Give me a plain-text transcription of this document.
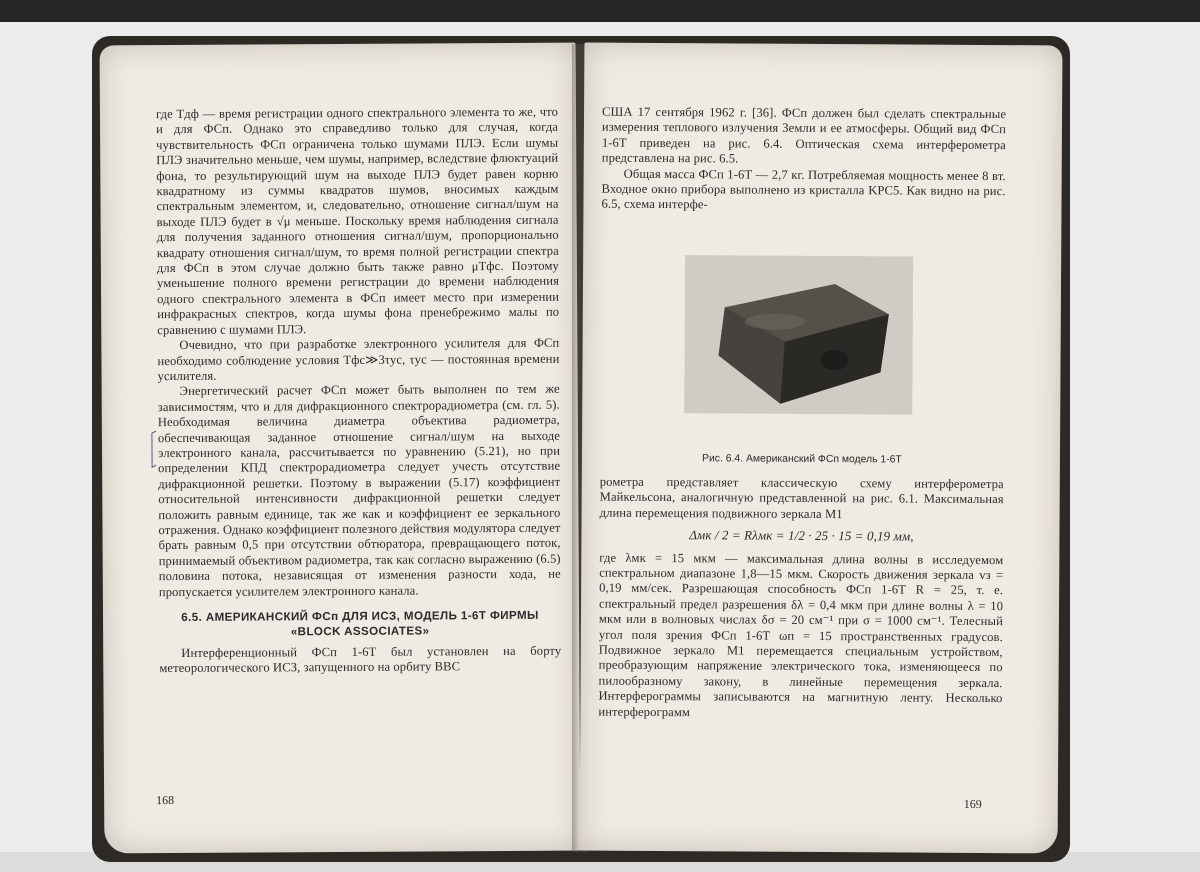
где Tдф — время регистрации одного спектрального элемента то же, что и для ФСп. Однако это справедливо только для случая, когда чувствительность ФСп ограничена только шумами ПЛЭ. Если шумы ПЛЭ значительно меньше, чем шумы, например, вследствие флюктуаций фона, то результирующий шум на выходе ПЛЭ будет равен корню квадратному из суммы квадратов шумов, вносимых каждым спектральным элементом, и, следовательно, отношение сигнал/шум на выходе ПЛЭ будет в √μ меньше. Поскольку время наблюдения сигнала для получения заданного отношения сигнал/шум, пропорционально квадрату отношения сигнал/шум, то время полной регистрации спектра для ФСп в этом случае должно быть также равно μTфс. Поэтому уменьшение полного времени регистрации до времени наблюдения одного спектрального элемента в ФСп имеет место при измерении инфракрасных спектров, когда шумы фона пренебрежимо малы по сравнению с шумами ПЛЭ.

Очевидно, что при разработке электронного усилителя для ФСп необходимо соблюдение условия Tфс≫3τус, τус — постоянная времени усилителя.

Энергетический расчет ФСп может быть выполнен по тем же зависимостям, что и для дифракционного спектрорадиометра (см. гл. 5). Необходимая величина диаметра объектива радиометра, обеспечивающая заданное отношение сигнал/шум на выходе электронного канала, рассчитывается по уравнению (5.21), но при определении КПД спектрорадиометра следует учесть отсутствие дифракционной решетки. Поэтому в выражении (5.17) коэффициент относительной интенсивности дифракционной решетки следует положить равным единице, так же как и коэффициент ее зеркального отражения. Однако коэффициент полезного действия модулятора следует брать равным 0,5 при отсутствии обтюратора, превращающего поток, принимаемый объективом радиометра, так как согласно выражению (6.5) половина потока, независящая от изменения разности хода, не пропускается усилителем электронного канала.

6.5. АМЕРИКАНСКИЙ ФСп ДЛЯ ИСЗ, МОДЕЛЬ 1-6Т ФИРМЫ «BLOCK ASSOCIATES»

Интерференционный ФСп 1-6Т был установлен на борту метеорологического ИСЗ, запущенного на орбиту ВВС

168

США 17 сентября 1962 г. [36]. ФСп должен был сделать спектральные измерения теплового излучения Земли и ее атмосферы. Общий вид ФСп 1-6Т приведен на рис. 6.4. Оптическая схема интерферометра представлена на рис. 6.5.

Общая масса ФСп 1-6Т — 2,7 кг. Потребляемая мощность менее 8 вт. Входное окно прибора выполнено из кристалла KPC5. Как видно на рис. 6.5, схема интерфе-

Рис. 6.4. Американский ФСп модель 1-6Т

рометра представляет классическую схему интерферометра Майкельсона, аналогичную представленной на рис. 6.1. Максимальная длина перемещения подвижного зеркала M1

Δмк / 2 = Rλмк = 1/2 · 25 · 15 = 0,19 мм,

где λмк = 15 мкм — максимальная длина волны в исследуемом спектральном диапазоне 1,8—15 мкм. Скорость движения зеркала vз = 0,19 мм/сек. Разрешающая способность ФСп 1-6Т R = 25, т. е. спектральный предел разрешения δλ = 0,4 мкм при длине волны λ = 10 мкм или в волновых числах δσ = 20 см⁻¹ при σ = 1000 см⁻¹. Телесный угол поля зрения ФСп 1-6Т ωп = 15 пространственных градусов. Подвижное зеркало M1 перемещается специальным устройством, преобразующим напряжение электрического тока, изменяющееся по пилообразному закону, в линейные перемещения зеркала. Интерферограммы записываются на магнитную ленту. Несколько интерферограмм

169
